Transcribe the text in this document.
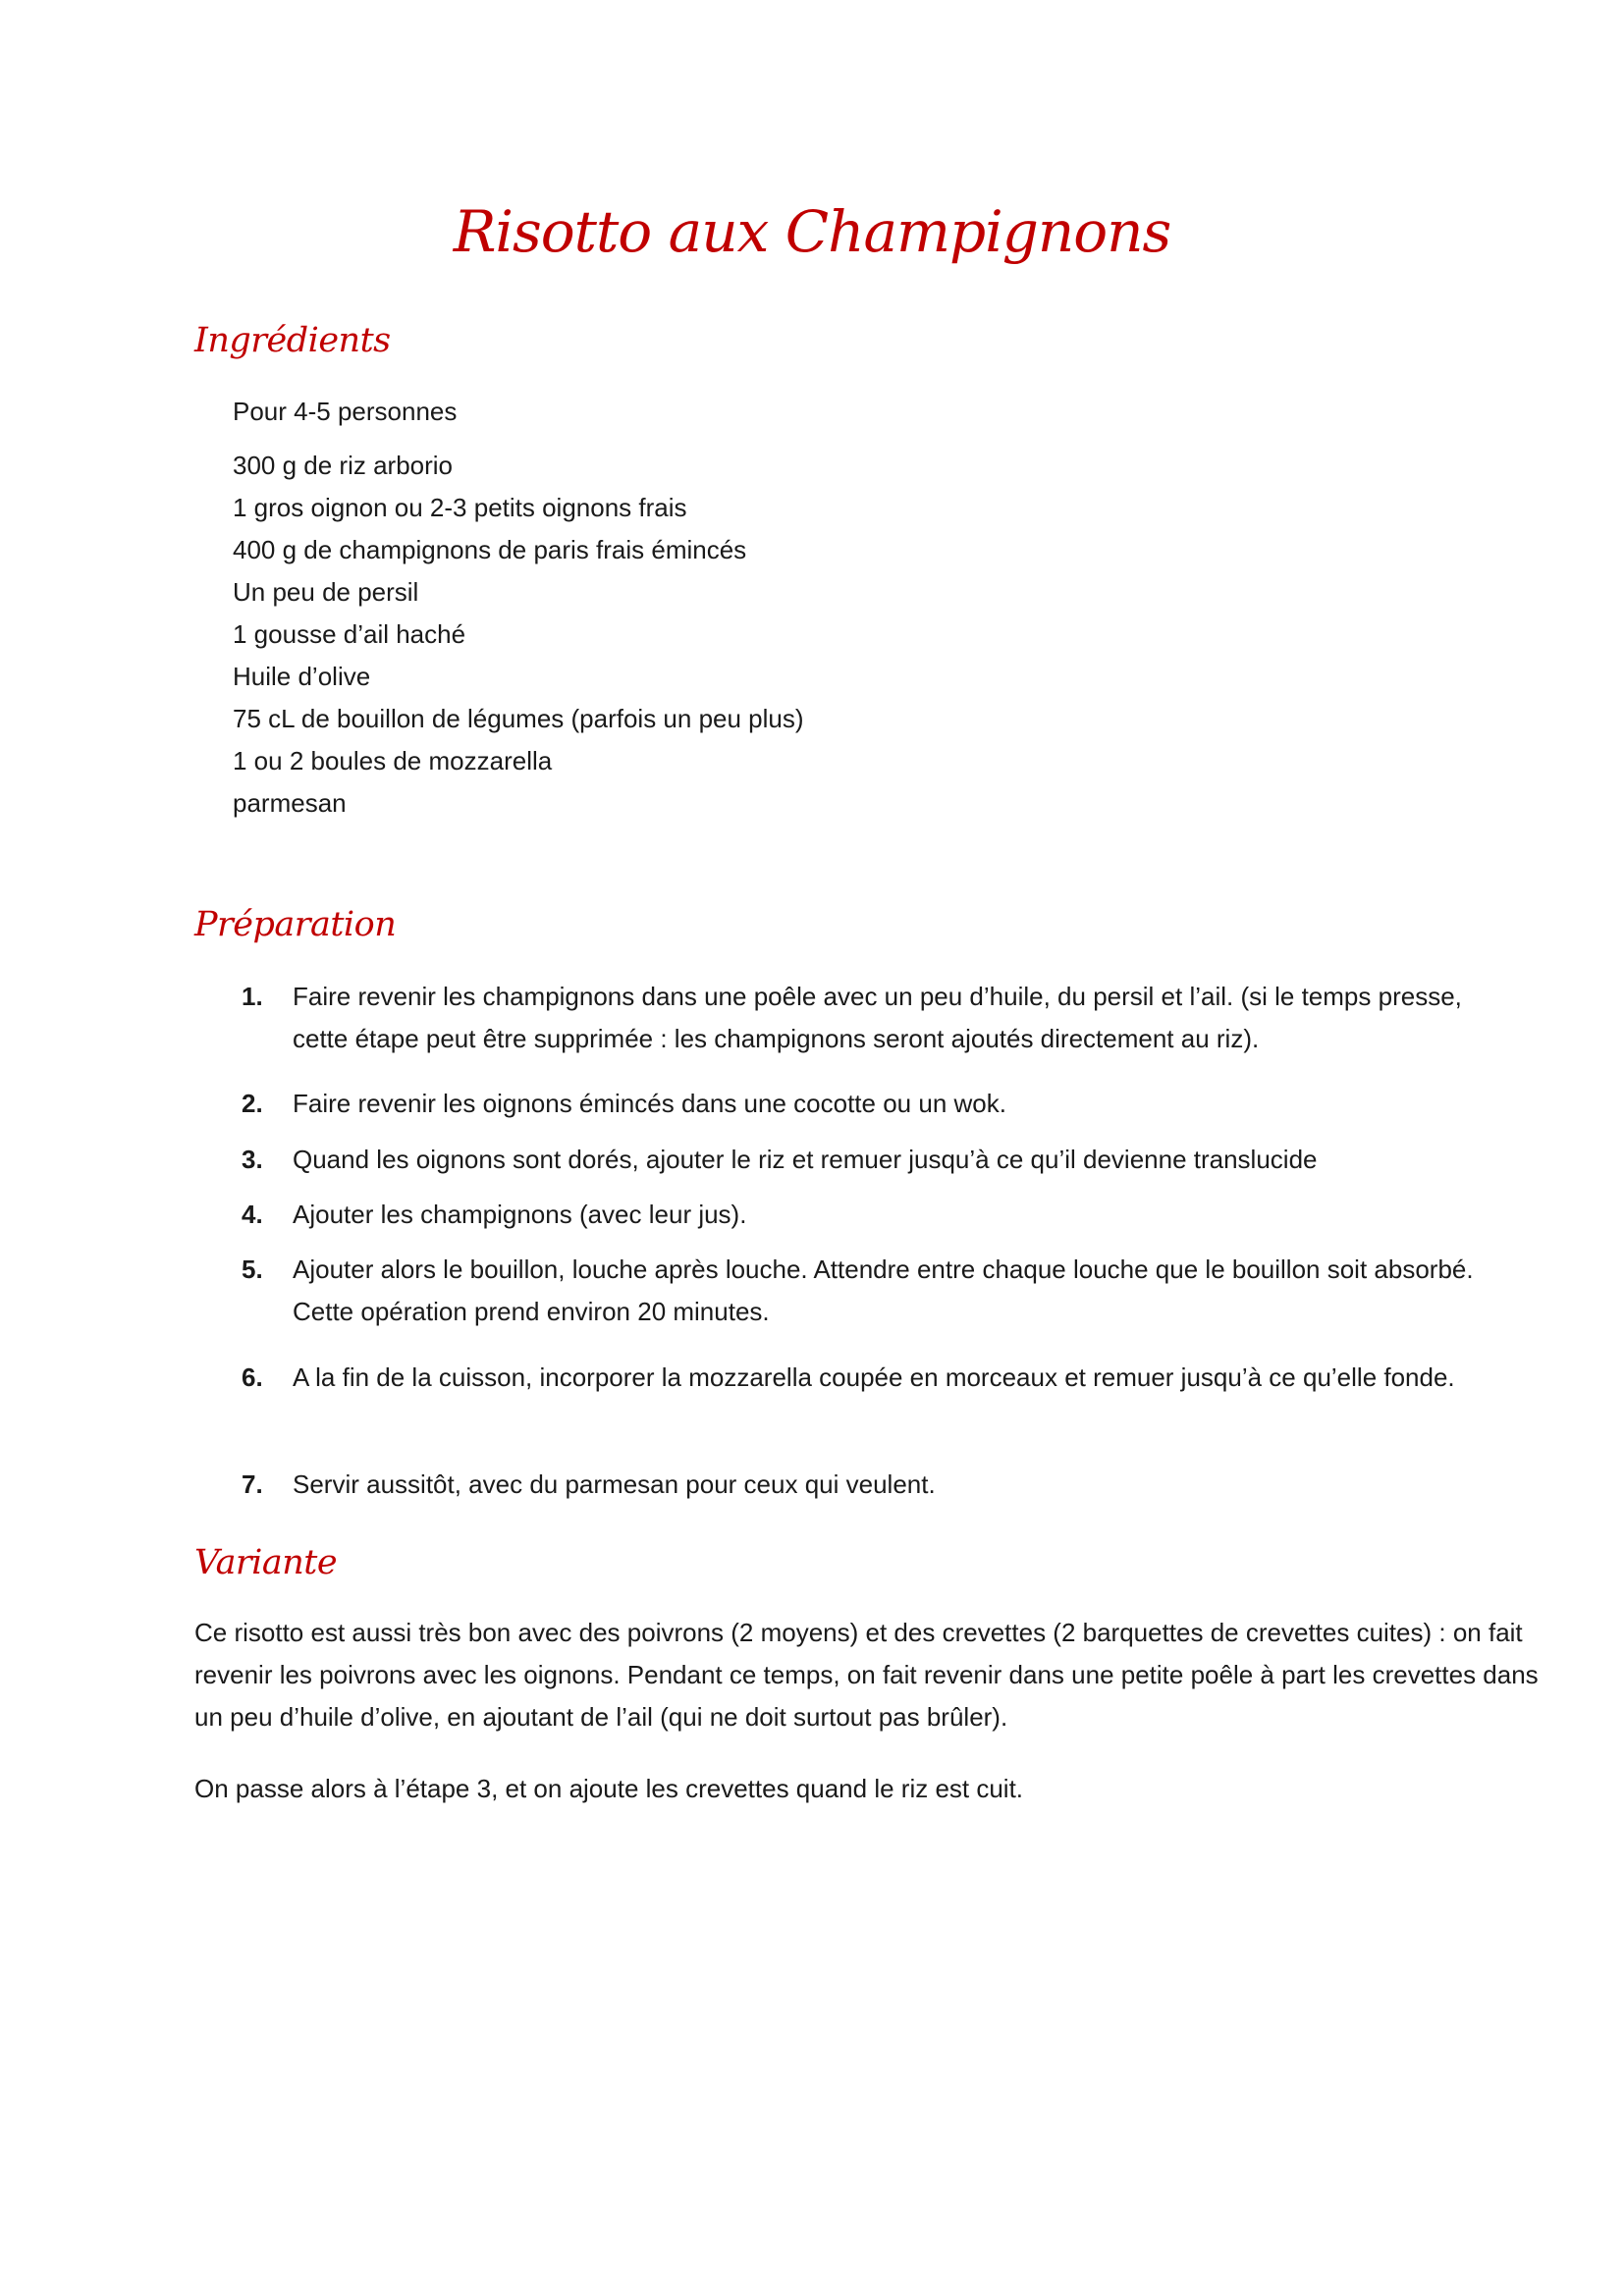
Risotto aux Champignons
Ingrédients

Pour 4-5 personnes

300 g de riz arborio
1 gros oignon ou 2-3 petits oignons frais
400 g de champignons de paris frais émincés
Un peu de persil
1 gousse d’ail haché
Huile d’olive
75 cL de bouillon de légumes (parfois un peu plus)
1 ou 2 boules de mozzarella
parmesan
Préparation
1. Faire revenir les champignons dans une poêle avec un peu d’huile, du persil et l’ail. (si le temps presse, cette étape peut être supprimée : les champignons seront ajoutés directement au riz).
2. Faire revenir les oignons émincés dans une cocotte ou un wok.
3. Quand les oignons sont dorés, ajouter le riz et remuer jusqu’à ce qu’il devienne translucide
4. Ajouter les champignons (avec leur jus).
5. Ajouter alors le bouillon, louche après louche. Attendre entre chaque louche que le bouillon soit absorbé. Cette opération prend environ 20 minutes.
6. A la fin de la cuisson, incorporer la mozzarella coupée en morceaux et remuer jusqu’à ce qu’elle fonde.
7. Servir aussitôt, avec du parmesan pour ceux qui veulent.
Variante

Ce risotto est aussi très bon avec des poivrons (2 moyens) et des crevettes (2 barquettes de crevettes cuites) : on fait revenir les poivrons avec les oignons. Pendant ce temps, on fait revenir dans une petite poêle à part les crevettes dans un peu d’huile d’olive, en ajoutant de l’ail (qui ne doit surtout pas brûler).

On passe alors à l’étape 3, et on ajoute les crevettes quand le riz est cuit.
